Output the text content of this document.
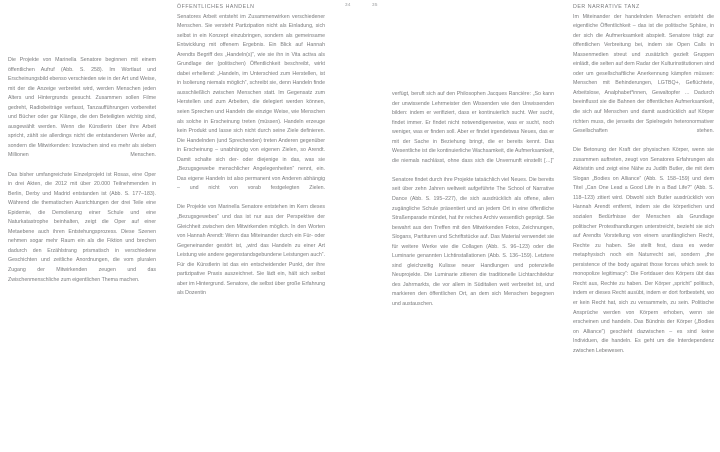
34	35

Die Projekte von Marinella Senatore beginnen mit einem öffentlichen Aufruf (Abb. S. 258). Im Wortlaut und Erscheinungsbild ebenso verschieden wie in der Art und Weise, mit der die Anzeige verbreitet wird, werden Menschen jeden Alters und Hintergrunds gesucht. Zusammen sollen Filme gedreht, Radiobeiträge verfasst, Tanzaufführungen vorbereitet und Bücher oder gar Klänge, die den Beteiligten wichtig sind, ausgewählt werden. Wenn die Künstlerin über ihre Arbeit spricht, zählt sie allerdings nicht die entstandenen Werke auf, sondern die Mitwirkenden: Inzwischen sind es mehr als sieben Millionen Menschen.

Das bisher umfangreichste Einzelprojekt ist Rosas, eine Oper in drei Akten, die 2012 mit über 20.000 Teilnehmenden in Berlin, Derby und Madrid entstanden ist (Abb. S. 177–183). Während die thematischen Ausrichtungen der drei Teile eine Epidemie, die Demolierung einer Schule und eine Naturkatastrophe beinhalten, zeigt die Oper auf einer Metaebene auch ihren Entstehungsprozess. Diese Szenen nehmen sogar mehr Raum ein als die Fiktion und brechen dadurch den Erzählstrang prismatisch in verschiedene Geschichten und zeitliche Anordnungen, die vom pluralen Zugang der Mitwirkenden zeugen und das Zwischenmenschliche zum eigentlichen Thema machen.

ÖFFENTLICHES HANDELN

Senatores Arbeit entsteht im Zusammenwirken verschiedener Menschen. Sie versteht Partizipation nicht als Einladung, sich selbst in ein Konzept einzubringen, sondern als gemeinsame Entwicklung mit offenem Ergebnis. Ein Blick auf Hannah Arendts Begriff des „Handeln(s)“, wie sie ihn in Vita activa als Grundlage der (politischen) Öffentlichkeit beschreibt, wirkt dabei erhellend: „Handeln, im Unterschied zum Herstellen, ist in Isolierung niemals möglich“, schreibt sie, denn Handeln finde ausschließlich zwischen Menschen statt. Im Gegensatz zum Herstellen und zum Arbeiten, die delegiert werden können, seien Sprechen und Handeln die einzige Weise, wie Menschen als solche in Erscheinung treten (müssen). Handeln erzeuge kein Produkt und lasse sich nicht durch seine Ziele definieren. Die Handelnden (und Sprechenden) treten Anderen gegenüber in Erscheinung – unabhängig von eigenen Zielen, so Arendt. Damit schalte sich der- oder diejenige in das, was sie „Bezugsgewebe menschlicher Angelegenheiten“ nennt, ein. Das eigene Handeln ist also permanent von Anderen abhängig – und nicht von vorab festgelegten Zielen.

Die Projekte von Marinella Senatore entstehen im Kern dieses „Bezugsgewebes“ und das ist nur aus der Perspektive der Gleichheit zwischen den Mitwirkenden möglich. In den Worten von Hannah Arendt: Wenn das Miteinander durch ein Für- oder Gegeneinander gestört ist, „wird das Handeln zu einer Art Leistung wie andere gegenstandsgebundene Leistungen auch“. Für die Künstlerin ist das ein entscheidender Punkt, der ihre partizipative Praxis auszeichnet. Sie lädt ein, hält sich selbst aber im Hintergrund. Senatore, die selbst über große Erfahrung als Dozentin

verfügt, beruft sich auf den Philosophen Jacques Rancière: „So kann der unwissende Lehrmeister den Wissenden wie den Unwissenden bilden: indem er verifiziert, dass er kontinuierlich sucht. Wer sucht, findet immer. Er findet nicht notwendigerweise, was er sucht, noch weniger, was er finden soll. Aber er findet irgendetwas Neues, das er mit der Sache in Beziehung bringt, die er bereits kennt. Das Wesentliche ist die kontinuierliche Wachsamkeit, die Aufmerksamkeit, die niemals nachlässt, ohne dass sich die Unvernunft einstellt […]“

Senatore findet durch ihre Projekte tatsächlich viel Neues. Die bereits seit über zehn Jahren weltweit aufgeführte The School of Narrative Dance (Abb. S. 195–227), die sich ausdrücklich als offene, allen zugängliche Schule präsentiert und an jedem Ort in eine öffentliche Straßenparade mündet, hat ihr reiches Archiv wesentlich geprägt. Sie bewahrt aus den Treffen mit den Mitwirkenden Fotos, Zeichnungen, Slogans, Partituren und Schriftstücke auf. Das Material verwendet sie für weitere Werke wie die Collagen (Abb. S. 96–123) oder die Luminarie genannten Lichtinstallationen (Abb. S. 136–159). Letztere sind gleichzeitig Kulisse neuer Handlungen und potenzielle Neuprojekte. Die Luminarie zitieren die traditionelle Lichtarchitektur des Jahrmarkts, die vor allem in Süditalien weit verbreitet ist, und markieren den öffentlichen Ort, an dem sich Menschen begegnen und austauschen.

DER NARRATIVE TANZ

Im Miteinander der handelnden Menschen entsteht die eigentliche Öffentlichkeit – das ist die politische Sphäre, in der sich die Aufmerksamkeit abspielt. Senatore trägt zur öffentlichen Verbreitung bei, indem sie Open Calls in Massenmedien streut und zusätzlich gezielt Gruppen einlädt, die selten auf dem Radar der Kulturinstitutionen sind oder um gesellschaftliche Anerkennung kämpfen müssen: Menschen mit Behinderungen, LGTBQ+, Geflüchtete, Arbeitslose, Analphabet*innen, Gewaltopfer … Dadurch beeinflusst sie die Bahnen der öffentlichen Aufmerksamkeit, die sich auf Menschen und damit ausdrücklich auf Körper richten muss, die jenseits der Spielregeln heteronormativer Gesellschaften stehen.

Die Betonung der Kraft der physischen Körper, wenn sie zusammen auftreten, zeugt von Senatores Erfahrungen als Aktivistin und zeigt eine Nähe zu Judith Butler, die mit dem Slogan „Bodies on Alliance“ (Abb. S. 158–159) und dem Titel „Can One Lead a Good Life in a Bad Life?“ (Abb. S. 118–123) zitiert wird. Obwohl sich Butler ausdrücklich von Hannah Arendt entfernt, indem sie die körperlichen und sozialen Bedürfnisse der Menschen als Grundlage politischer Protesthandlungen unterstreicht, bezieht sie sich auf Arendts Vorstellung von einem uranfänglichen Recht, Rechte zu haben. Sie stellt fest, dass es weder metaphysisch noch ein Naturrecht sei, sondern „the persistence of the body against those forces which seek to monopolize legitimacy“: Die Fortdauer des Körpers übt das Recht aus, Rechte zu haben. Der Körper „spricht“ politisch, indem er dieses Recht ausübt, indem er dort fortbesteht, wo er kein Recht hat, sich zu versammeln, zu sein. Politische Ansprüche werden von Körpern erhoben, wenn sie erscheinen und handeln. Das Bündnis der Körper („Bodies on Alliance“) geschieht dazwischen – es sind keine Individuen, die handeln. Es geht um die Interdependenz zwischen Lebewesen.
